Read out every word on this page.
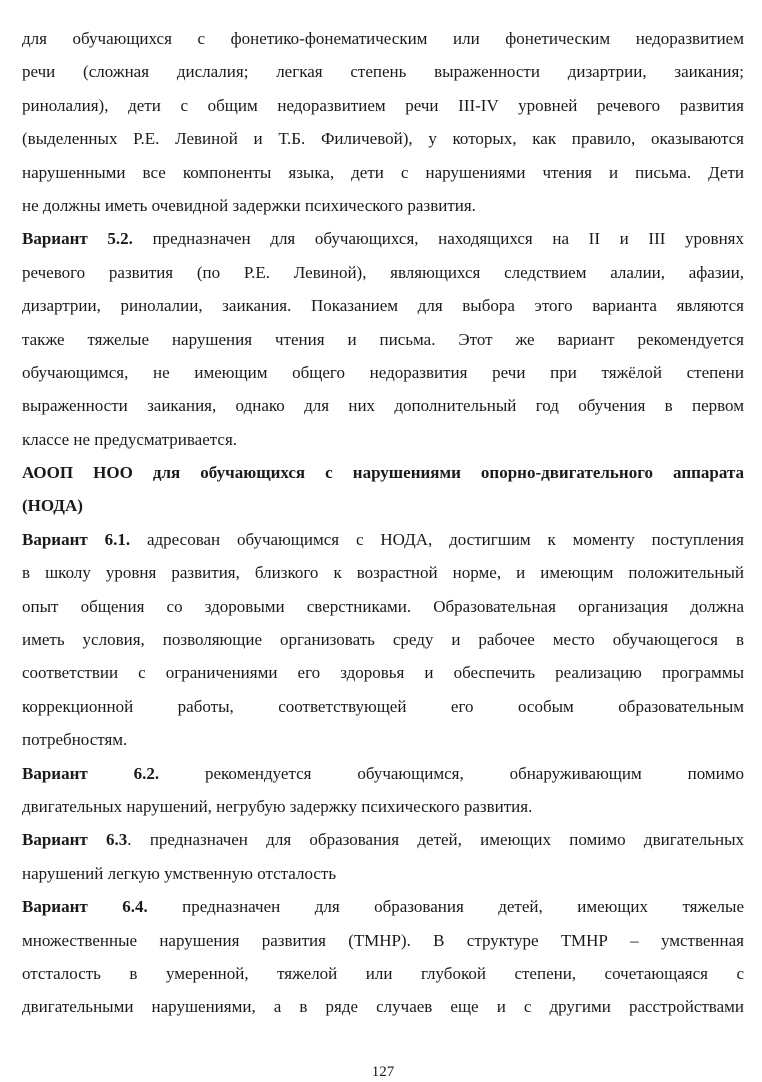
для обучающихся с фонетико-фонематическим или фонетическим недоразвитием
речи (сложная дислалия; легкая степень выраженности дизартрии, заикания;
ринолалия), дети с общим недоразвитием речи III-IV уровней речевого развития
(выделенных Р.Е. Левиной и Т.Б. Филичевой), у которых, как правило, оказываются
нарушенными все компоненты языка, дети с нарушениями чтения и письма. Дети
не должны иметь очевидной задержки психического развития.
Вариант 5.2. предназначен для обучающихся, находящихся на II и III уровнях
речевого развития (по Р.Е. Левиной), являющихся следствием алалии, афазии,
дизартрии, ринолалии, заикания. Показанием для выбора этого варианта являются
также тяжелые нарушения чтения и письма. Этот же вариант рекомендуется
обучающимся, не имеющим общего недоразвития речи при тяжёлой степени
выраженности заикания, однако для них дополнительный год обучения в первом
классе не предусматривается.
АООП НОО для обучающихся с нарушениями опорно-двигательного аппарата
(НОДА)
Вариант 6.1. адресован обучающимся с НОДА, достигшим к моменту поступления
в школу уровня развития, близкого к возрастной норме, и имеющим положительный
опыт общения со здоровыми сверстниками. Образовательная организация должна
иметь условия, позволяющие организовать среду и рабочее место обучающегося в
соответствии с ограничениями его здоровья и обеспечить реализацию программы
коррекционной работы, соответствующей его особым образовательным
потребностям.
Вариант 6.2. рекомендуется обучающимся, обнаруживающим помимо
двигательных нарушений, негрубую задержку психического развития.
Вариант 6.3. предназначен для образования детей, имеющих помимо двигательных
нарушений легкую умственную отсталость
Вариант 6.4. предназначен для образования детей, имеющих тяжелые
множественные нарушения развития (ТМНР). В структуре ТМНР – умственная
отсталость в умеренной, тяжелой или глубокой степени, сочетающаяся с
двигательными нарушениями, а в ряде случаев еще и с другими расстройствами
127
